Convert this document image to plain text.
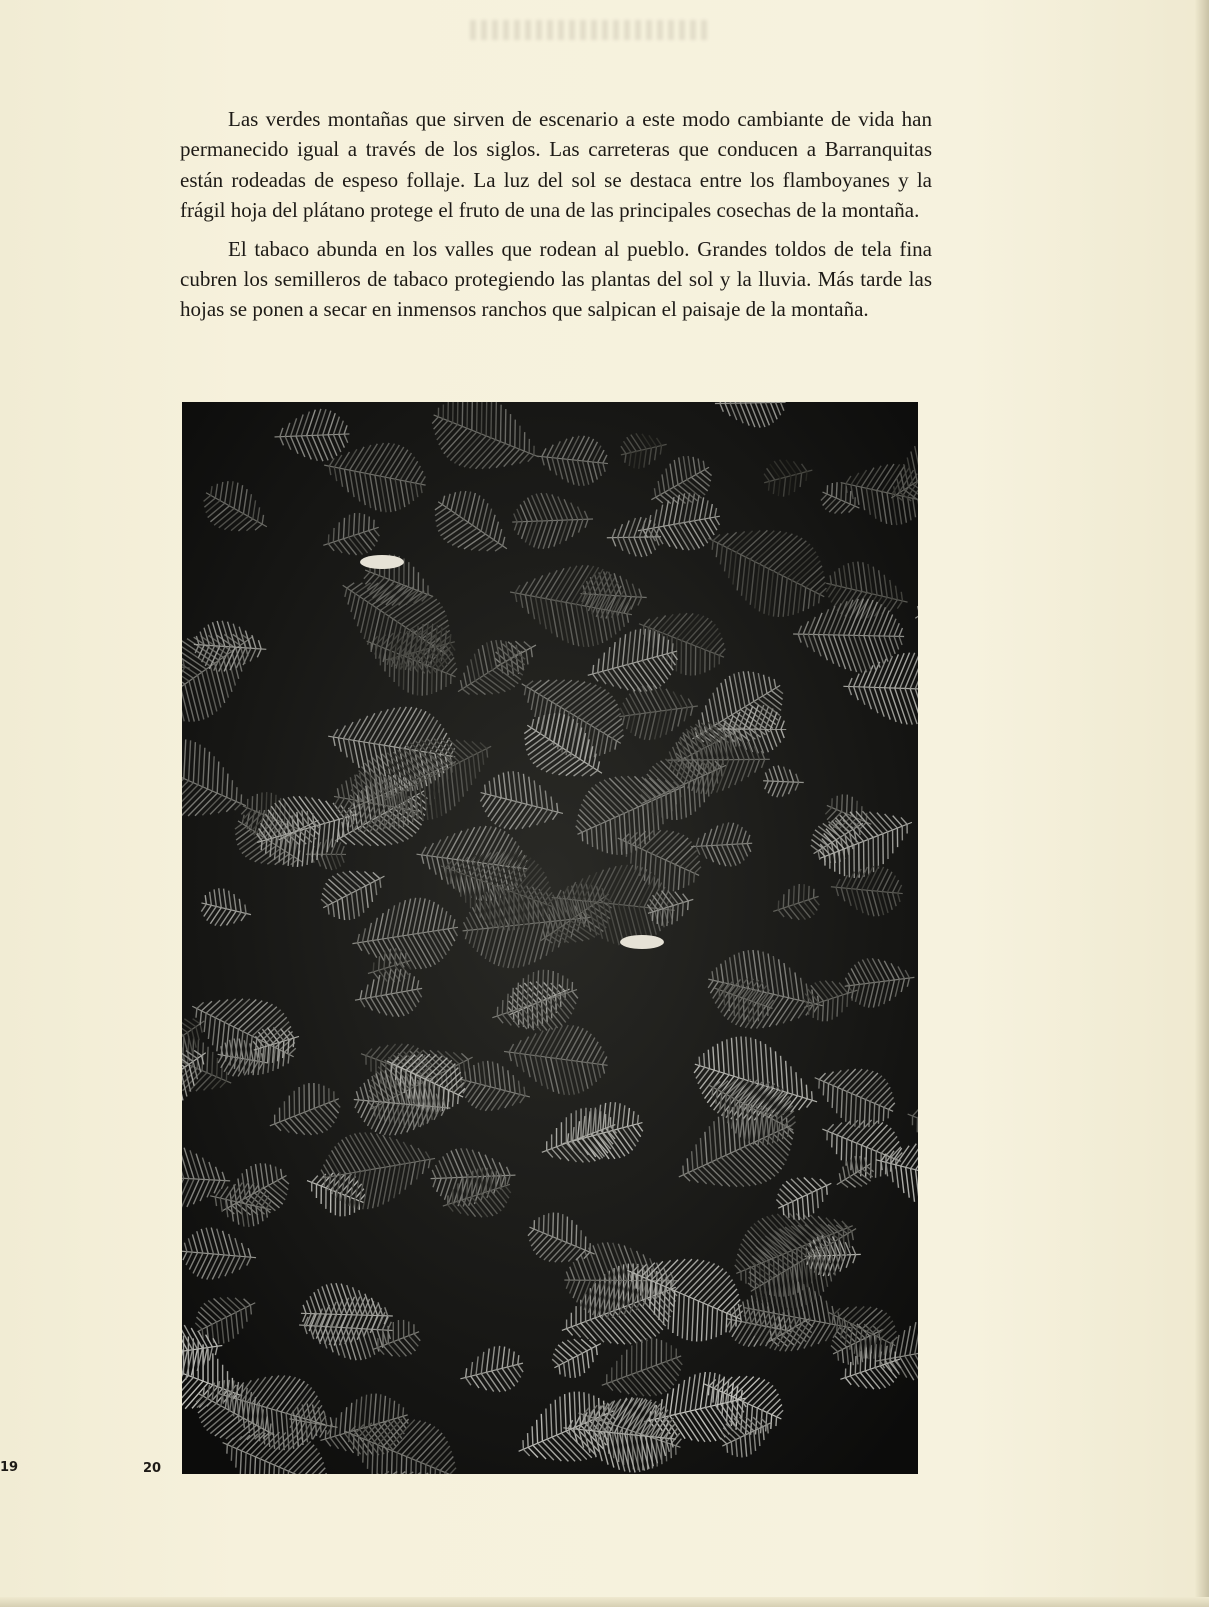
Las verdes montañas que sirven de escenario a este modo cambiante de vida han permanecido igual a través de los siglos. Las carreteras que conducen a Barranquitas están rodeadas de espeso follaje. La luz del sol se destaca entre los flamboyanes y la frágil hoja del plátano protege el fruto de una de las principales cosechas de la montaña.

El tabaco abunda en los valles que rodean al pueblo. Grandes toldos de tela fina cubren los semilleros de tabaco protegiendo las plantas del sol y la lluvia. Más tarde las hojas se ponen a secar en inmensos ranchos que salpican el paisaje de la montaña.

19	20
